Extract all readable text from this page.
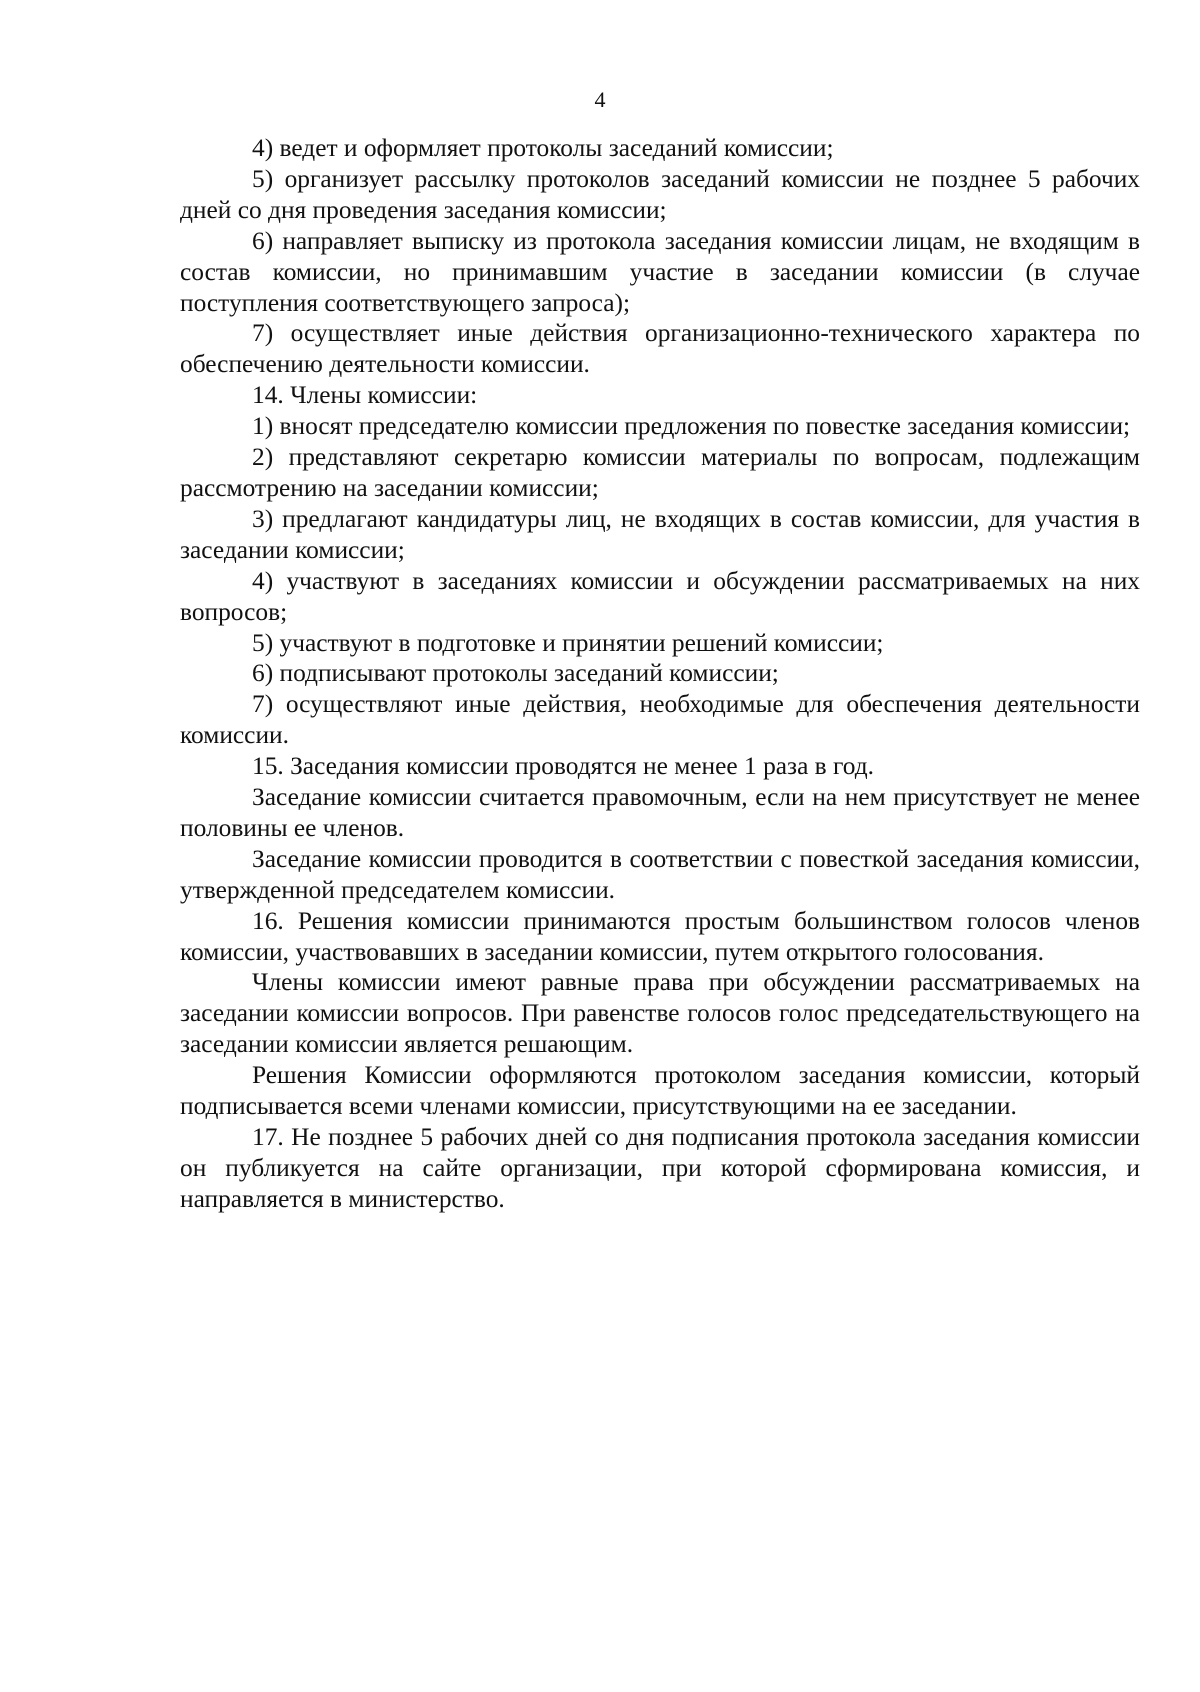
4

4) ведет и оформляет протоколы заседаний комиссии;

5) организует рассылку протоколов заседаний комиссии не позднее 5 рабочих дней со дня проведения заседания комиссии;

6) направляет выписку из протокола заседания комиссии лицам, не входящим в состав комиссии, но принимавшим участие в заседании комиссии (в случае поступления соответствующего запроса);

7) осуществляет иные действия организационно-технического характера по обеспечению деятельности комиссии.

14. Члены комиссии:

1) вносят председателю комиссии предложения по повестке заседания комиссии;

2) представляют секретарю комиссии материалы по вопросам, подлежащим рассмотрению на заседании комиссии;

3) предлагают кандидатуры лиц, не входящих в состав комиссии, для участия в заседании комиссии;

4) участвуют в заседаниях комиссии и обсуждении рассматриваемых на них вопросов;

5) участвуют в подготовке и принятии решений комиссии;

6) подписывают протоколы заседаний комиссии;

7) осуществляют иные действия, необходимые для обеспечения деятельности комиссии.

15. Заседания комиссии проводятся не менее 1 раза в год.

Заседание комиссии считается правомочным, если на нем присутствует не менее половины ее членов.

Заседание комиссии проводится в соответствии с повесткой заседания комиссии, утвержденной председателем комиссии.

16. Решения комиссии принимаются простым большинством голосов членов комиссии, участвовавших в заседании комиссии, путем открытого голосования.

Члены комиссии имеют равные права при обсуждении рассматриваемых на заседании комиссии вопросов. При равенстве голосов голос председательствующего на заседании комиссии является решающим.

Решения Комиссии оформляются протоколом заседания комиссии, который подписывается всеми членами комиссии, присутствующими на ее заседании.

17. Не позднее 5 рабочих дней со дня подписания протокола заседания комиссии он публикуется на сайте организации, при которой сформирована комиссия, и направляется в министерство.
